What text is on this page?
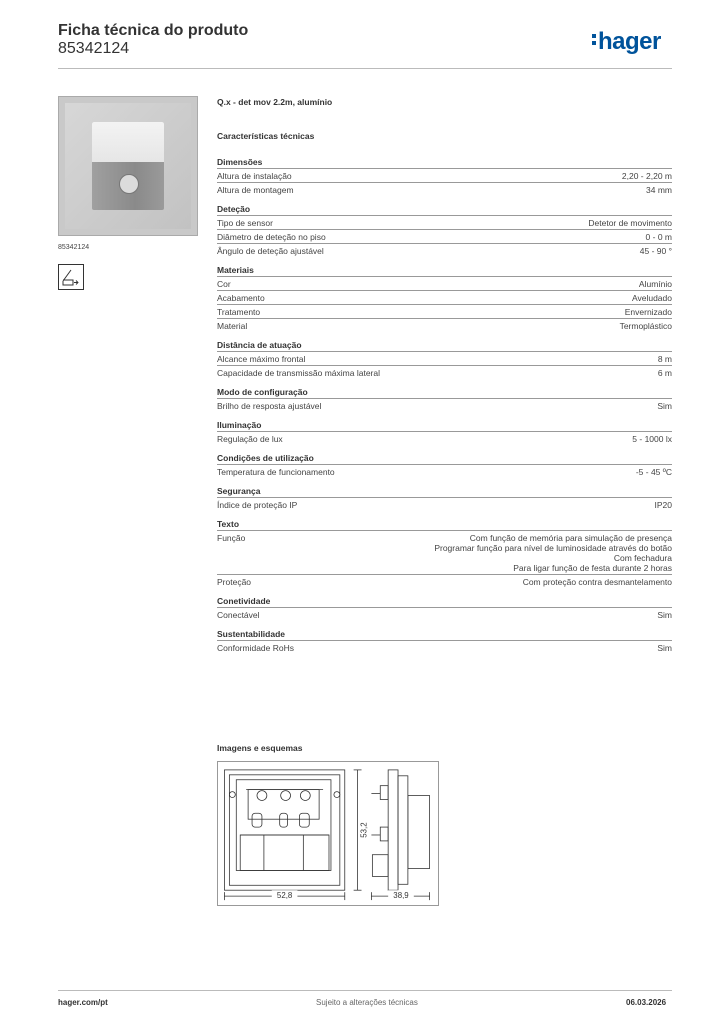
Ficha técnica do produto
85342124	hager
85342124
Q.x - det mov 2.2m, alumínio
Características técnicas
Dimensões
Altura de instalação	2,20 - 2,20 m
Altura de montagem	34 mm
Deteção
Tipo de sensor	Detetor de movimento
Diâmetro de deteção no piso	0 - 0 m
Ângulo de deteção ajustável	45 - 90 °
Materiais
Cor	Alumínio
Acabamento	Aveludado
Tratamento	Envernizado
Material	Termoplástico
Distância de atuação
Alcance máximo frontal	8 m
Capacidade de transmissão máxima lateral	6 m
Modo de configuração
Brilho de resposta ajustável	Sim
Iluminação
Regulação de lux	5 - 1000 lx
Condições de utilização
Temperatura de funcionamento	-5 - 45 ºC
Segurança
Índice de proteção IP	IP20
Texto
Função	Com função de memória para simulação de presença
Programar função para nível de luminosidade através do botão
Com fechadura
Para ligar função de festa durante 2 horas
Proteção	Com proteção contra desmantelamento
Conetividade
Conectável	Sim
Sustentabilidade
Conformidade RoHs	Sim
Imagens e esquemas
52,8
53,2
38,9
hager.com/pt	Sujeito a alterações técnicas	06.03.2026
